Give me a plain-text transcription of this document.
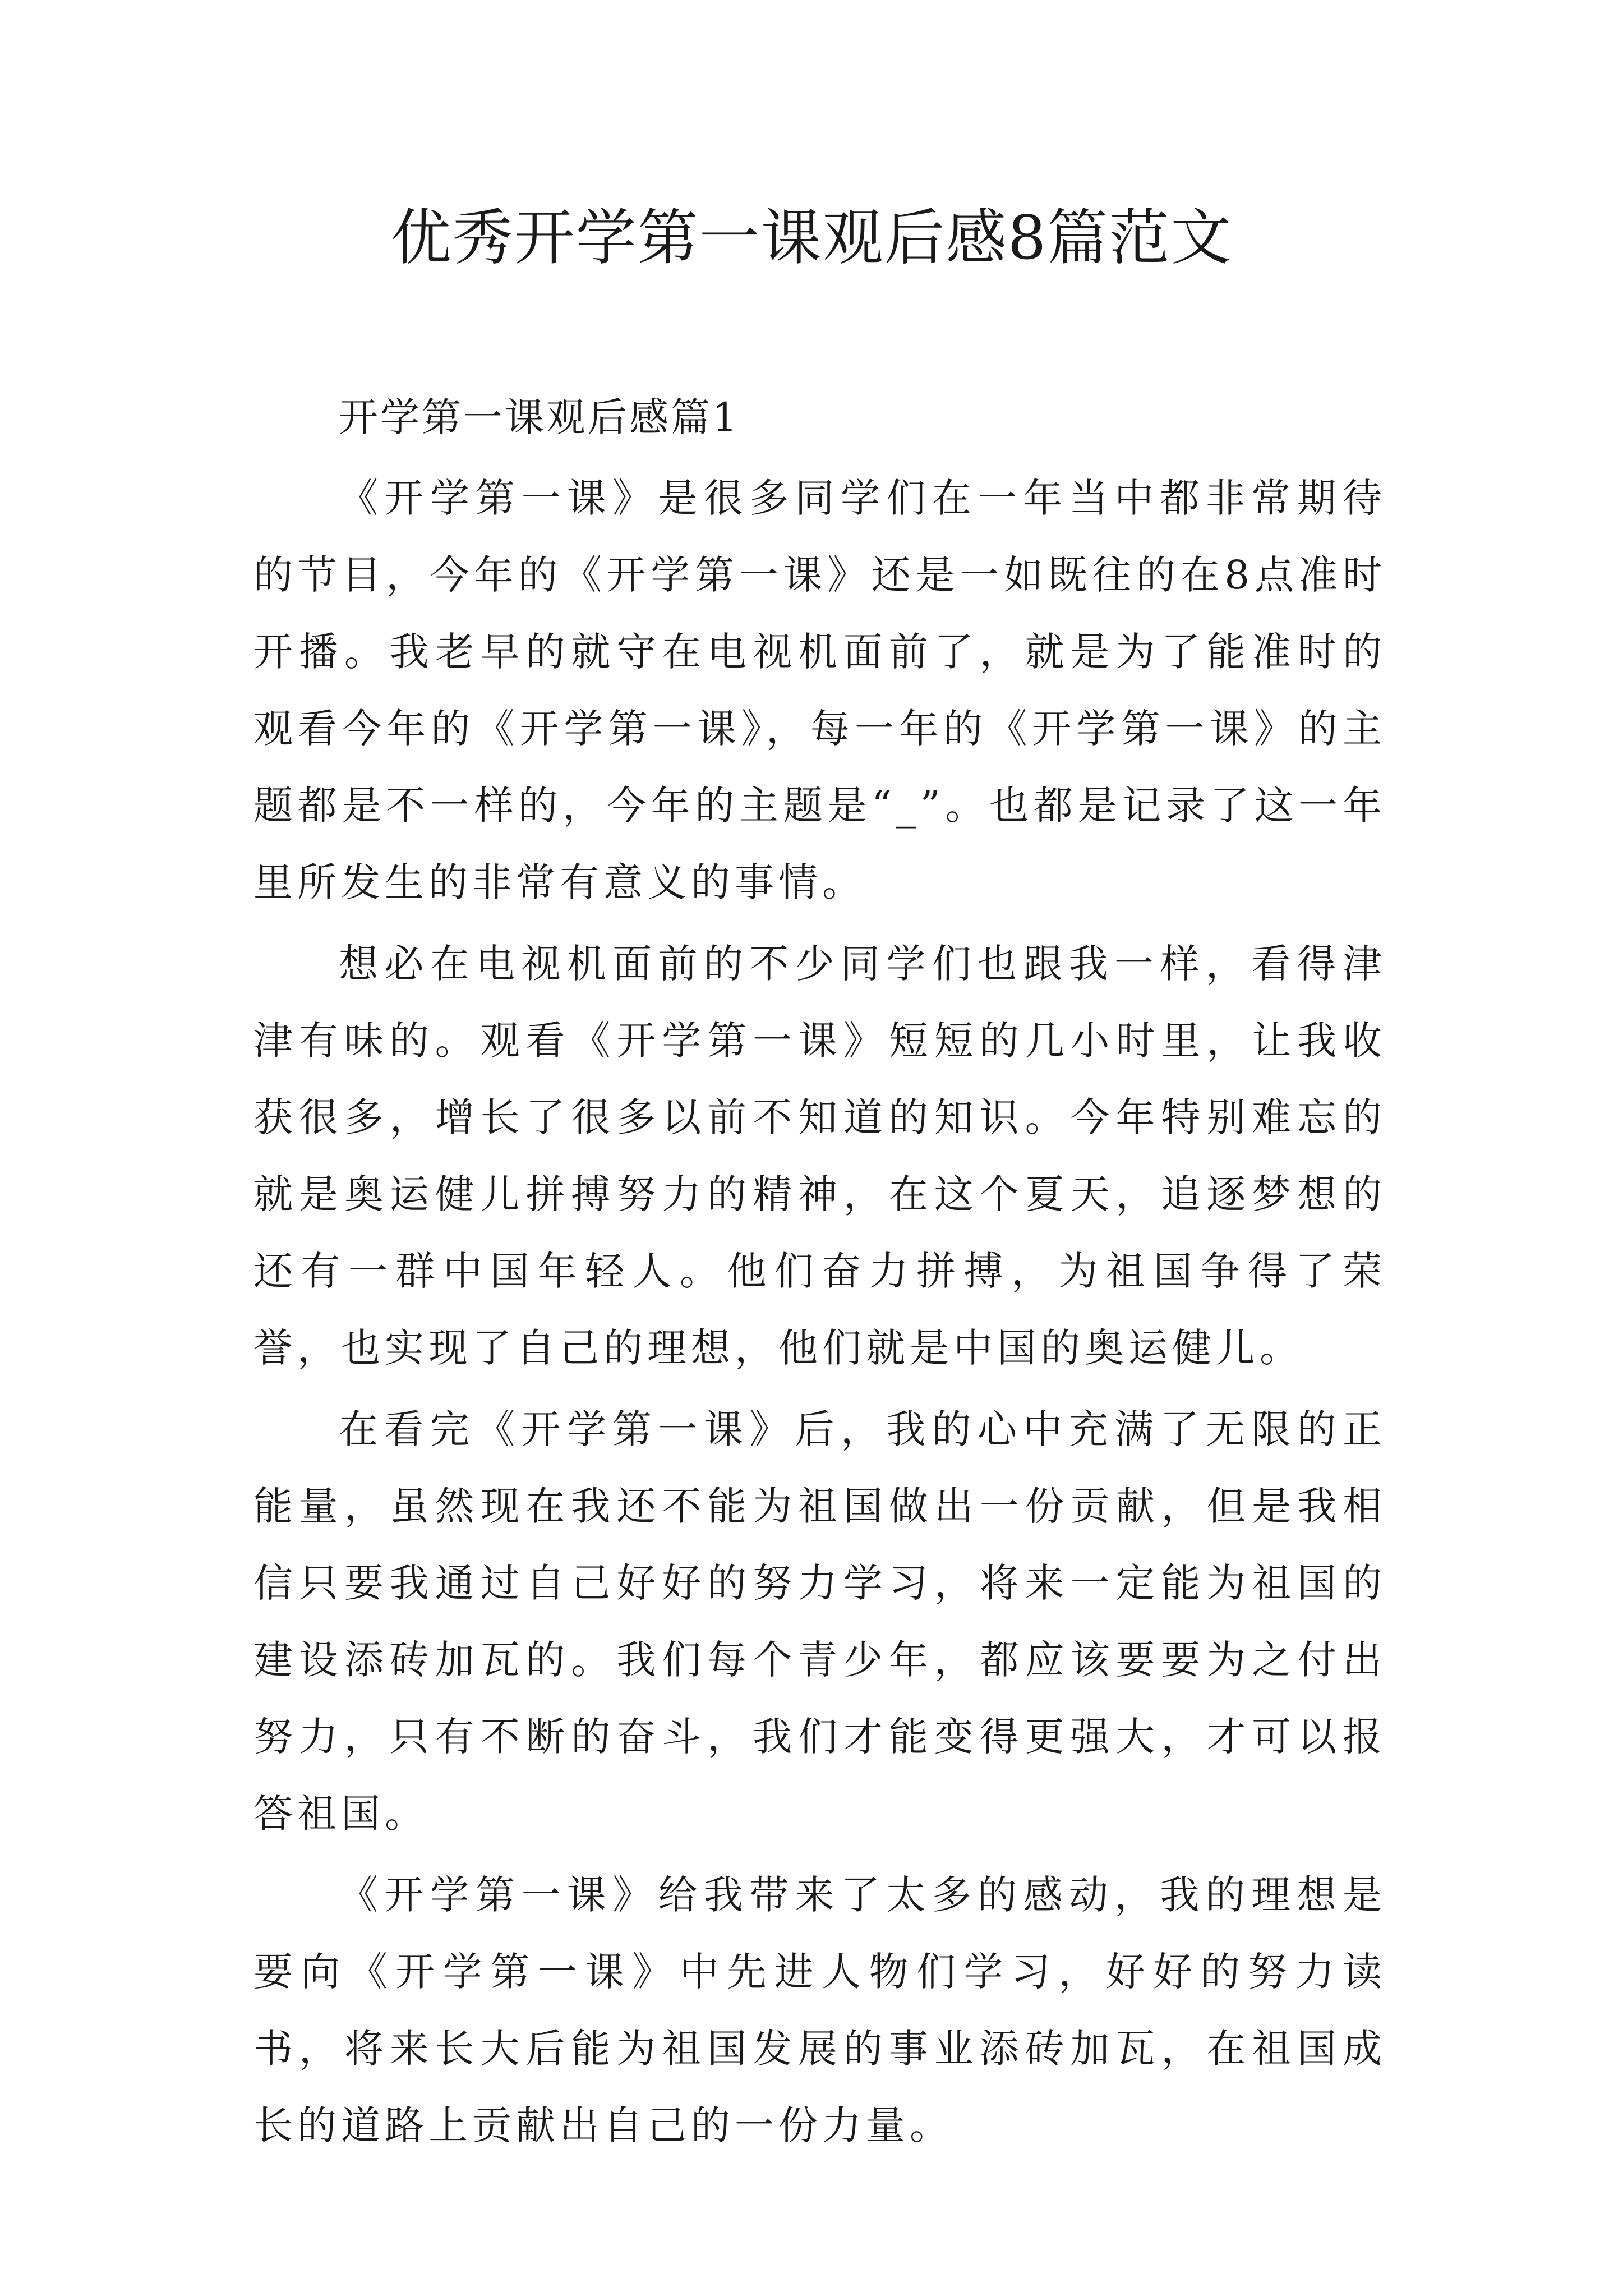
优秀开学第一课观后感8篇范文
开学第一课观后感篇1

《开学第一课》是很多同学们在一年当中都非常期待的节目，今年的《开学第一课》还是一如既往的在8点准时开播。我老早的就守在电视机面前了，就是为了能准时的观看今年的《开学第一课》，每一年的《开学第一课》的主题都是不一样的，今年的主题是“_”。也都是记录了这一年里所发生的非常有意义的事情。

想必在电视机面前的不少同学们也跟我一样，看得津津有味的。观看《开学第一课》短短的几小时里，让我收获很多，增长了很多以前不知道的知识。今年特别难忘的就是奥运健儿拼搏努力的精神，在这个夏天，追逐梦想的还有一群中国年轻人。他们奋力拼搏，为祖国争得了荣誉，也实现了自己的理想，他们就是中国的奥运健儿。

在看完《开学第一课》后，我的心中充满了无限的正能量，虽然现在我还不能为祖国做出一份贡献，但是我相信只要我通过自己好好的努力学习，将来一定能为祖国的建设添砖加瓦的。我们每个青少年，都应该要要为之付出努力，只有不断的奋斗，我们才能变得更强大，才可以报答祖国。

《开学第一课》给我带来了太多的感动，我的理想是要向《开学第一课》中先进人物们学习，好好的努力读书，将来长大后能为祖国发展的事业添砖加瓦，在祖国成长的道路上贡献出自己的一份力量。
